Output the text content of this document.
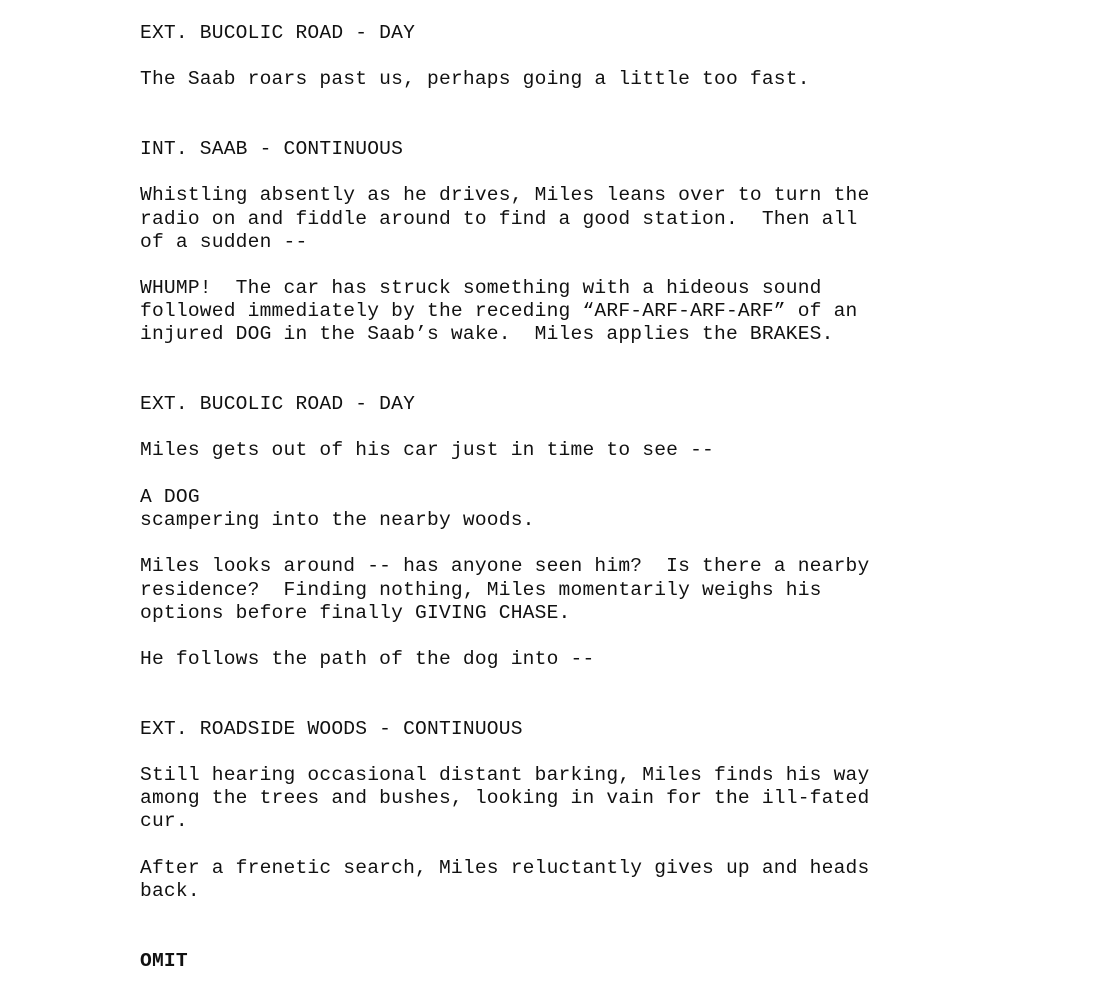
EXT. BUCOLIC ROAD - DAY
The Saab roars past us, perhaps going a little too fast.
INT. SAAB - CONTINUOUS
Whistling absently as he drives, Miles leans over to turn the
radio on and fiddle around to find a good station.  Then all
of a sudden --
WHUMP!  The car has struck something with a hideous sound
followed immediately by the receding “ARF-ARF-ARF-ARF” of an
injured DOG in the Saab’s wake.  Miles applies the BRAKES.
EXT. BUCOLIC ROAD - DAY
Miles gets out of his car just in time to see --
A DOG
scampering into the nearby woods.
Miles looks around -- has anyone seen him?  Is there a nearby
residence?  Finding nothing, Miles momentarily weighs his
options before finally GIVING CHASE.
He follows the path of the dog into --
EXT. ROADSIDE WOODS - CONTINUOUS
Still hearing occasional distant barking, Miles finds his way
among the trees and bushes, looking in vain for the ill-fated
cur.
After a frenetic search, Miles reluctantly gives up and heads
back.
OMIT
